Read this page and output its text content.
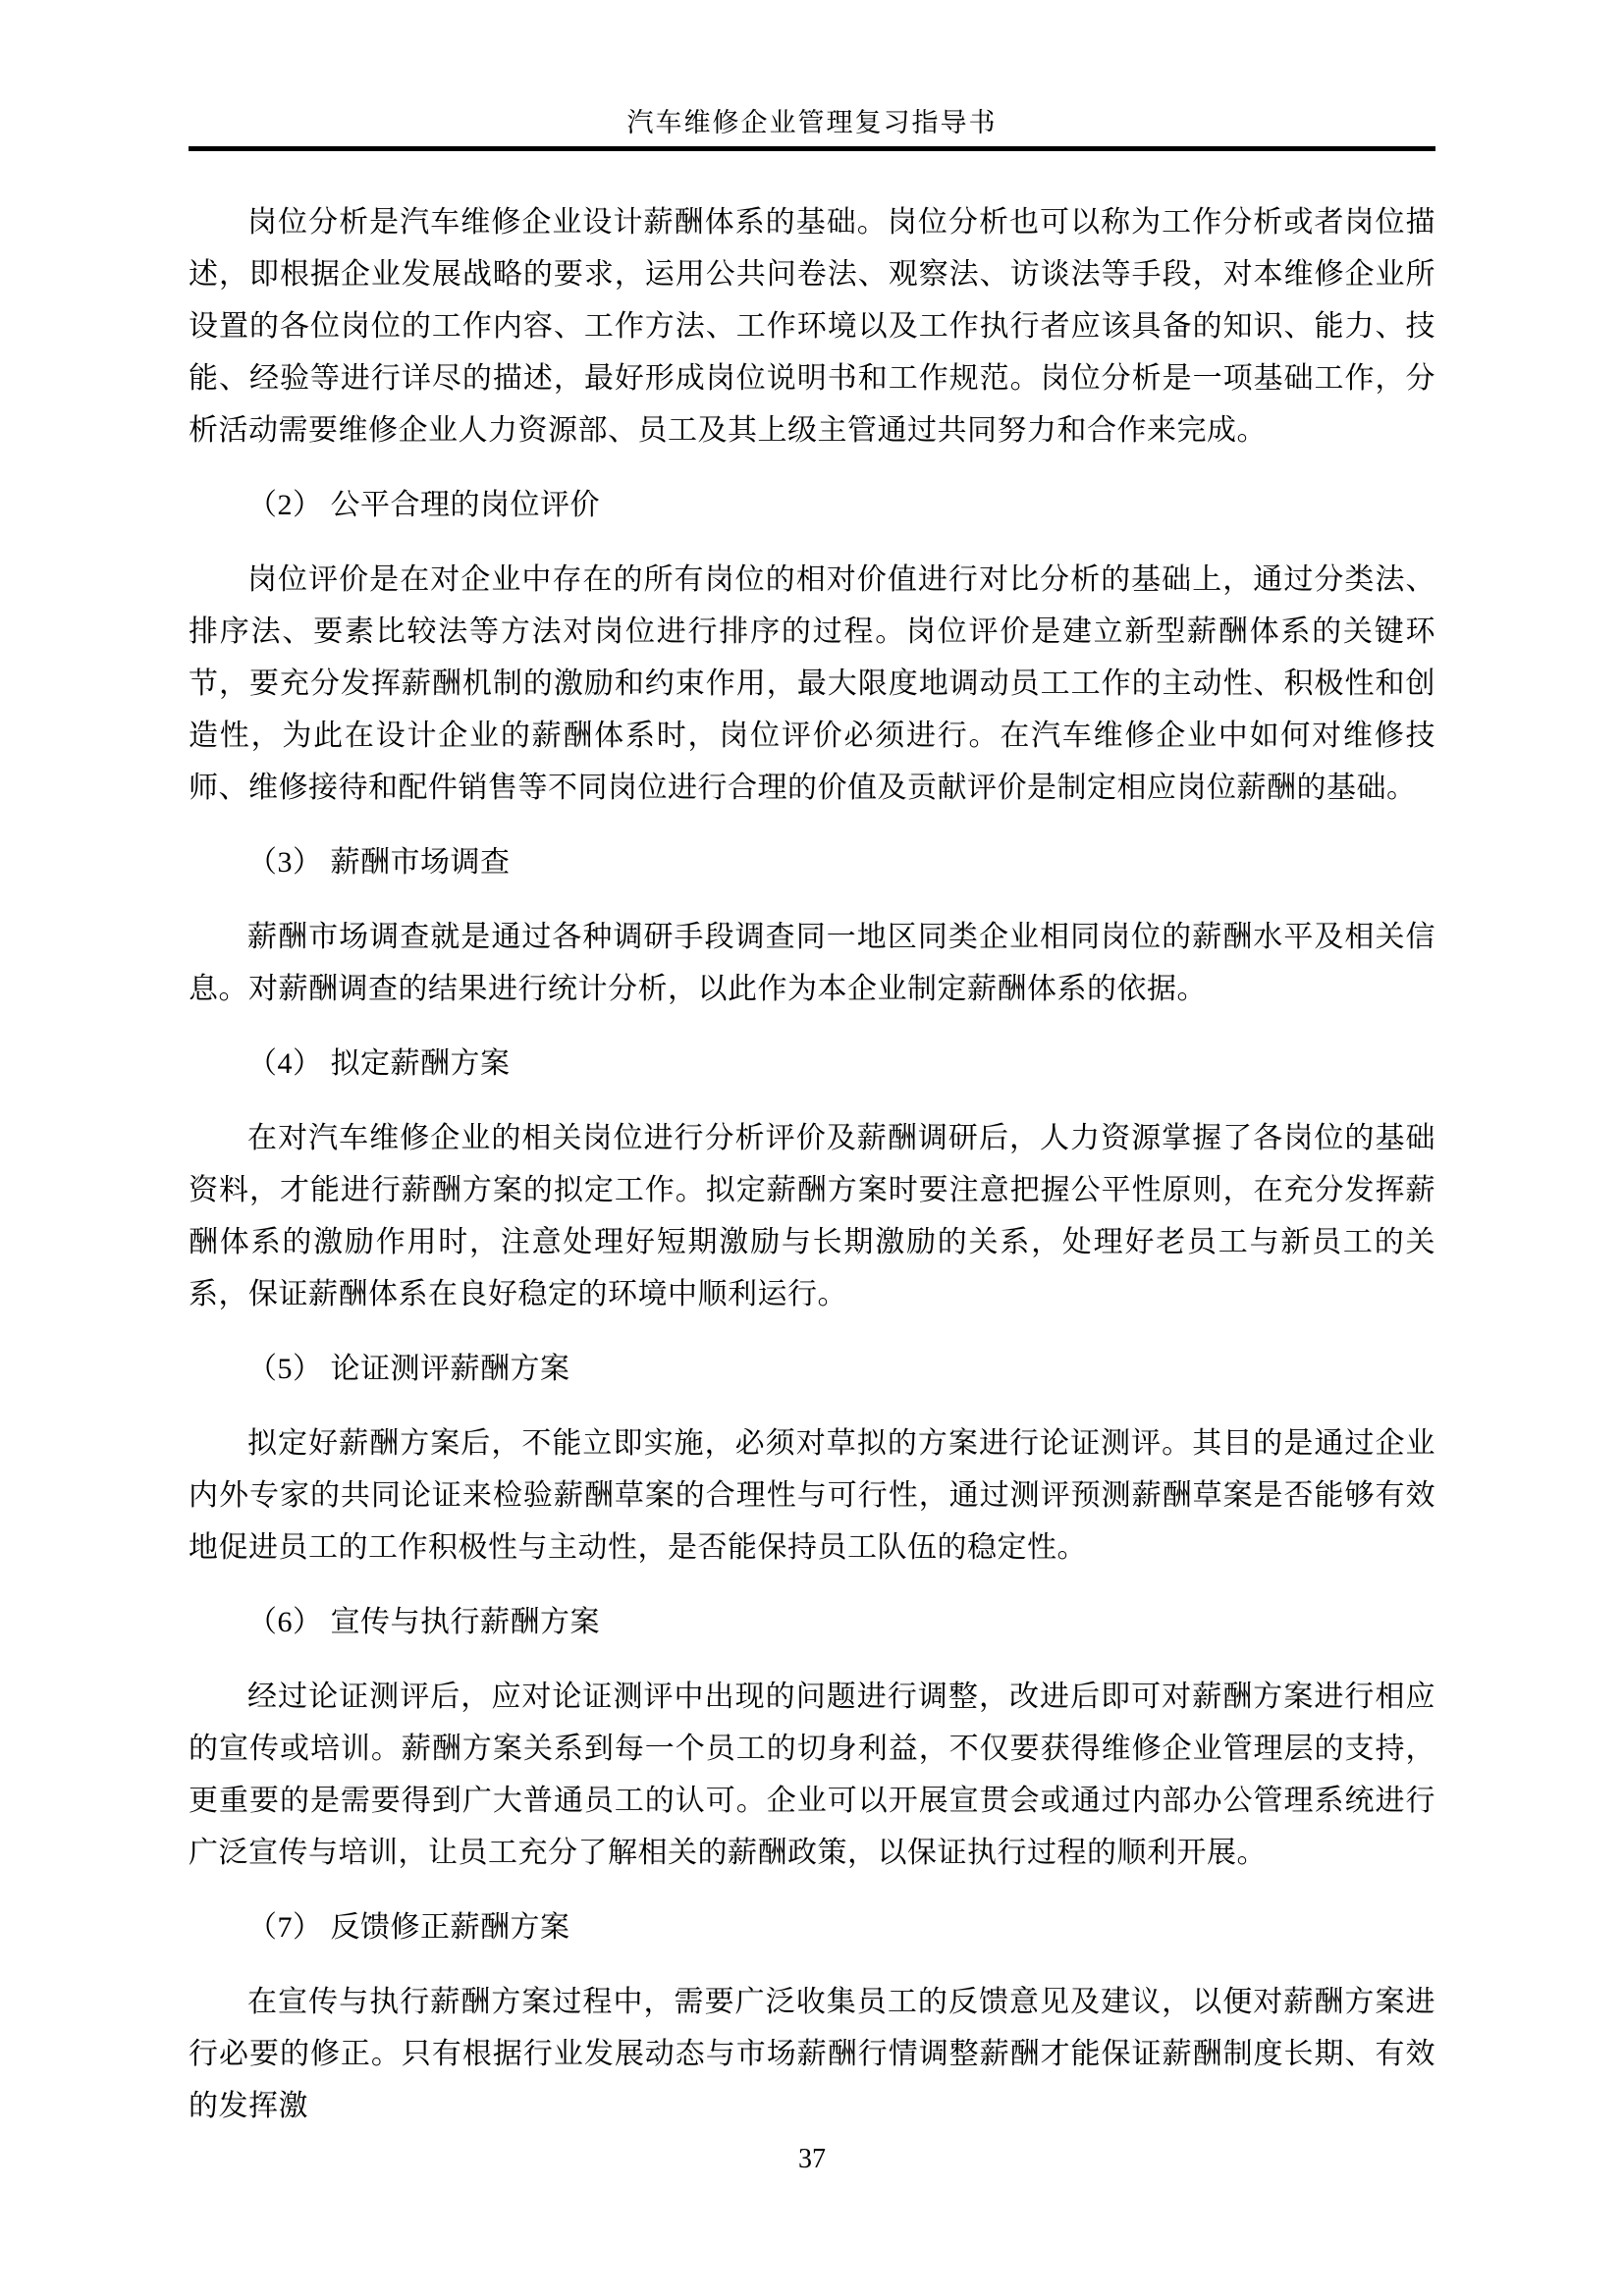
汽车维修企业管理复习指导书

岗位分析是汽车维修企业设计薪酬体系的基础。岗位分析也可以称为工作分析或者岗位描述，即根据企业发展战略的要求，运用公共问卷法、观察法、访谈法等手段，对本维修企业所设置的各位岗位的工作内容、工作方法、工作环境以及工作执行者应该具备的知识、能力、技能、经验等进行详尽的描述，最好形成岗位说明书和工作规范。岗位分析是一项基础工作，分析活动需要维修企业人力资源部、员工及其上级主管通过共同努力和合作来完成。

（2） 公平合理的岗位评价

岗位评价是在对企业中存在的所有岗位的相对价值进行对比分析的基础上，通过分类法、排序法、要素比较法等方法对岗位进行排序的过程。岗位评价是建立新型薪酬体系的关键环节，要充分发挥薪酬机制的激励和约束作用，最大限度地调动员工工作的主动性、积极性和创造性，为此在设计企业的薪酬体系时，岗位评价必须进行。在汽车维修企业中如何对维修技师、维修接待和配件销售等不同岗位进行合理的价值及贡献评价是制定相应岗位薪酬的基础。

（3） 薪酬市场调查

薪酬市场调查就是通过各种调研手段调查同一地区同类企业相同岗位的薪酬水平及相关信息。对薪酬调查的结果进行统计分析，以此作为本企业制定薪酬体系的依据。

（4） 拟定薪酬方案

在对汽车维修企业的相关岗位进行分析评价及薪酬调研后，人力资源掌握了各岗位的基础资料，才能进行薪酬方案的拟定工作。拟定薪酬方案时要注意把握公平性原则，在充分发挥薪酬体系的激励作用时，注意处理好短期激励与长期激励的关系，处理好老员工与新员工的关系，保证薪酬体系在良好稳定的环境中顺利运行。

（5） 论证测评薪酬方案

拟定好薪酬方案后，不能立即实施，必须对草拟的方案进行论证测评。其目的是通过企业内外专家的共同论证来检验薪酬草案的合理性与可行性，通过测评预测薪酬草案是否能够有效地促进员工的工作积极性与主动性，是否能保持员工队伍的稳定性。

（6） 宣传与执行薪酬方案

经过论证测评后，应对论证测评中出现的问题进行调整，改进后即可对薪酬方案进行相应的宣传或培训。薪酬方案关系到每一个员工的切身利益，不仅要获得维修企业管理层的支持，更重要的是需要得到广大普通员工的认可。企业可以开展宣贯会或通过内部办公管理系统进行广泛宣传与培训，让员工充分了解相关的薪酬政策，以保证执行过程的顺利开展。

（7） 反馈修正薪酬方案

在宣传与执行薪酬方案过程中，需要广泛收集员工的反馈意见及建议，以便对薪酬方案进行必要的修正。只有根据行业发展动态与市场薪酬行情调整薪酬才能保证薪酬制度长期、有效的发挥激

37
